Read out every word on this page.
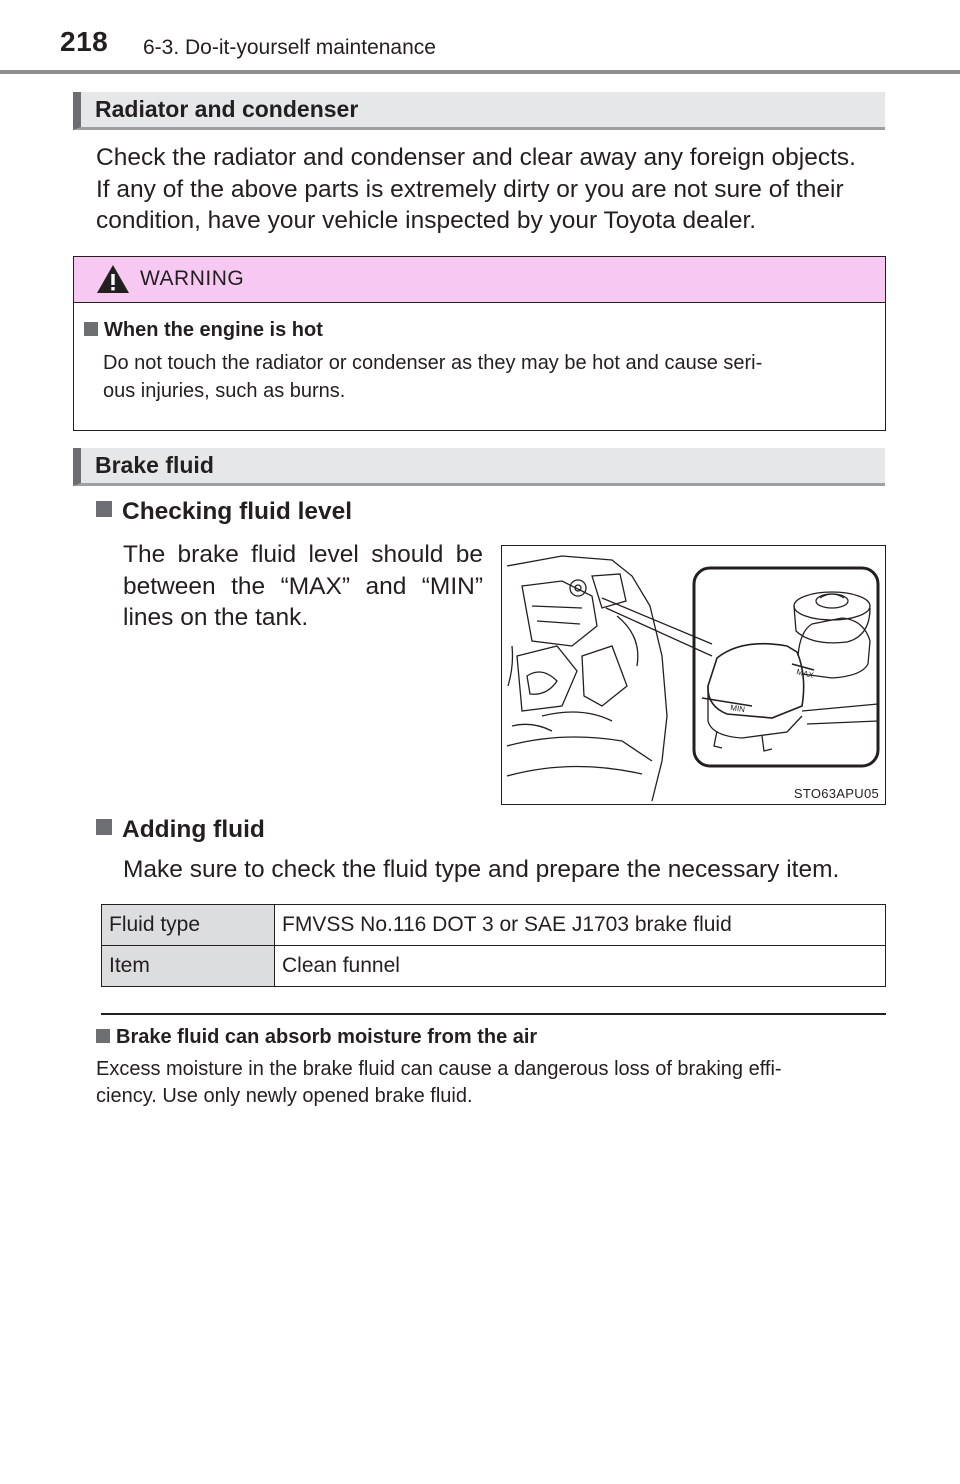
218 6-3. Do-it-yourself maintenance
Radiator and condenser
Check the radiator and condenser and clear away any foreign objects.
If any of the above parts is extremely dirty or you are not sure of their
condition, have your vehicle inspected by your Toyota dealer.
WARNING
When the engine is hot
Do not touch the radiator or condenser as they may be hot and cause seri-
ous injuries, such as burns.
Brake fluid
Checking fluid level
The brake fluid level should be
between the “MAX” and “MIN”
lines on the tank.
MAX
MIN
STO63APU05
Adding fluid
Make sure to check the fluid type and prepare the necessary item.
Fluid type	FMVSS No.116 DOT 3 or SAE J1703 brake fluid
Item	Clean funnel
Brake fluid can absorb moisture from the air
Excess moisture in the brake fluid can cause a dangerous loss of braking effi-
ciency. Use only newly opened brake fluid.
